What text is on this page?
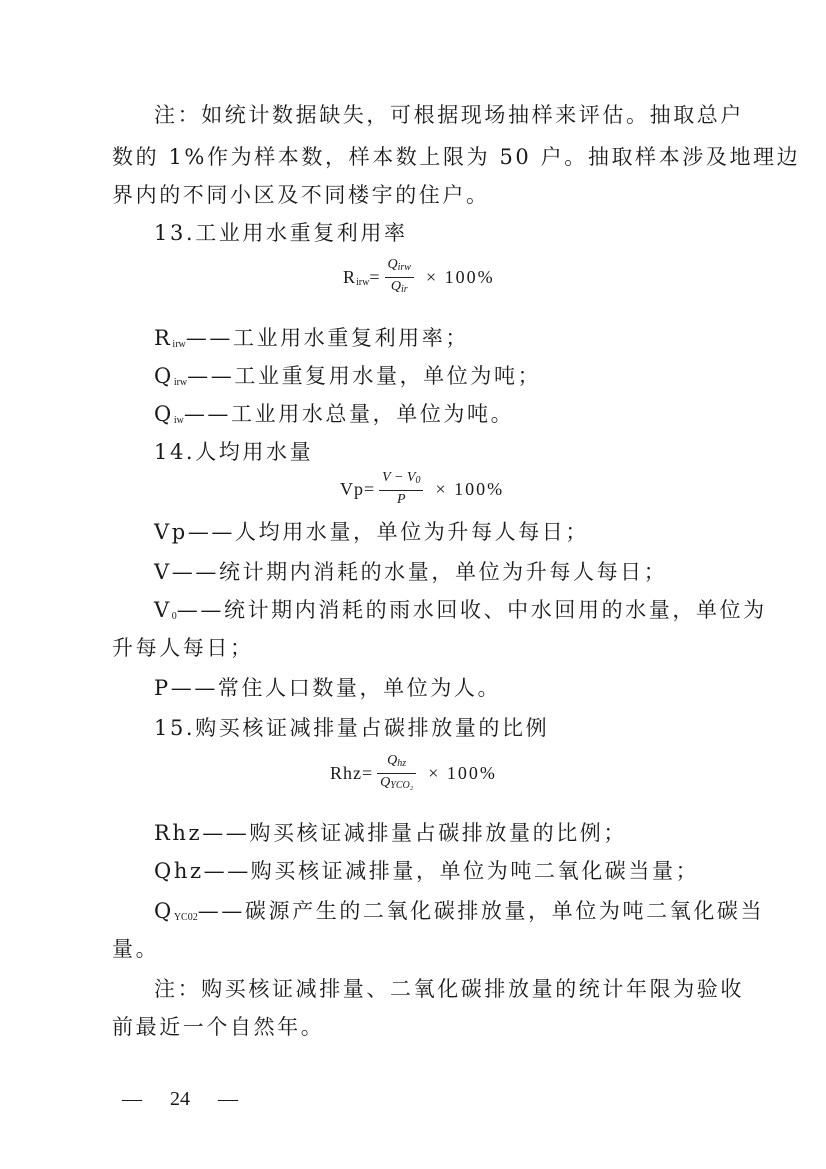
注：如统计数据缺失，可根据现场抽样来评估。抽取总户
数的 1%作为样本数，样本数上限为 50 户。抽取样本涉及地理边
界内的不同小区及不同楼宇的住户。
13.工业用水重复利用率
$R_{irw}= \frac{Q_{irw}}{Q_{ir}} \times 100\%$
$R_{irw}——$工业用水重复利用率；
$Q_{irw}——$工业重复用水量，单位为吨；
$Q_{iw}——$工业用水总量，单位为吨。
14.人均用水量
$Vp= \frac{V - V_0}{P} \times 100\%$
Vp——人均用水量，单位为升每人每日；
V——统计期内消耗的水量，单位为升每人每日；
$V_0——$统计期内消耗的雨水回收、中水回用的水量，单位为
升每人每日；
P——常住人口数量，单位为人。
15.购买核证减排量占碳排放量的比例
$Rhz= \frac{Q_{hz}}{Q_{YCO_2}} \times 100\%$
Rhz——购买核证减排量占碳排放量的比例；
Qhz——购买核证减排量，单位为吨二氧化碳当量；
$Q_{YC02}——$碳源产生的二氧化碳排放量，单位为吨二氧化碳当
量。
注：购买核证减排量、二氧化碳排放量的统计年限为验收
前最近一个自然年。
— 24 —
